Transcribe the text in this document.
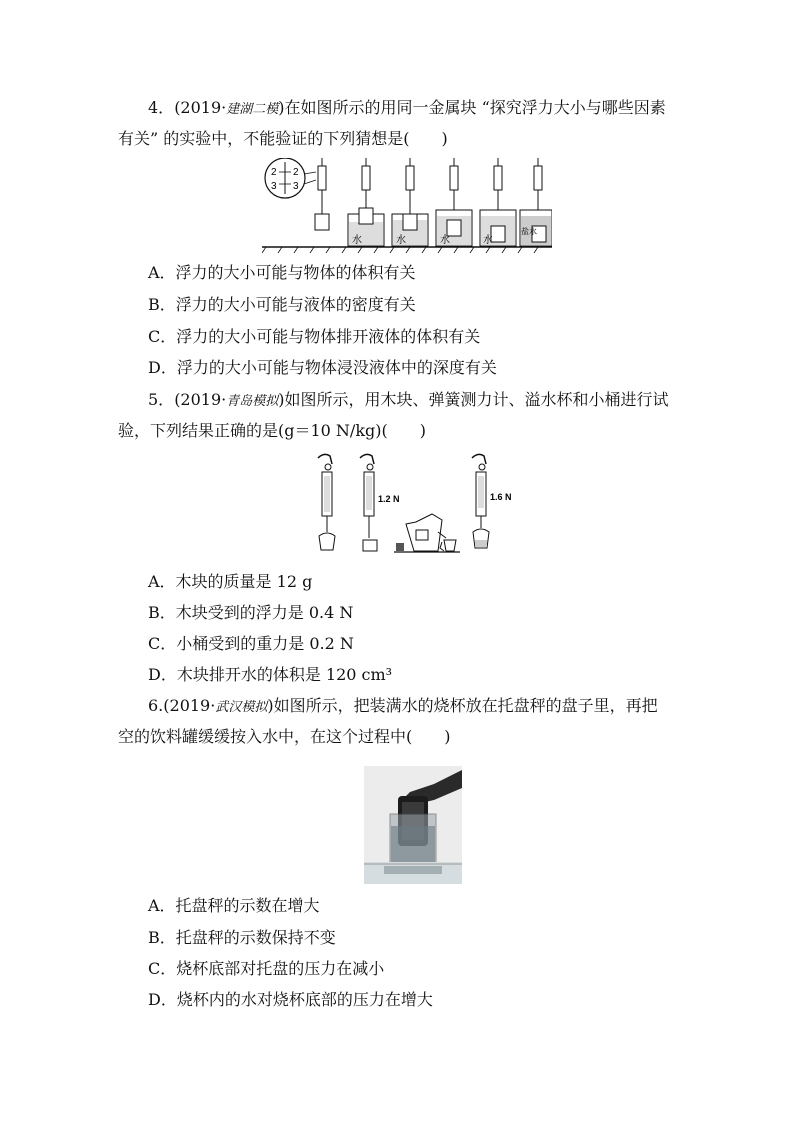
4．(2019·建湖二模)在如图所示的用同一金属块 “探究浮力大小与哪些因素
有关” 的实验中，不能验证的下列猜想是(　　)
2 2
3 3
水	水	水	水
盐水
A．浮力的大小可能与物体的体积有关
B．浮力的大小可能与液体的密度有关
C．浮力的大小可能与物体排开液体的体积有关
D．浮力的大小可能与物体浸没液体中的深度有关
5．(2019·青岛模拟)如图所示，用木块、弹簧测力计、溢水杯和小桶进行试
验，下列结果正确的是(g＝10 N/kg)(　　)
1.2 N	1.6 N
A．木块的质量是 12 g
B．木块受到的浮力是 0.4 N
C．小桶受到的重力是 0.2 N
D．木块排开水的体积是 120 cm³
6.(2019·武汉模拟)如图所示，把装满水的烧杯放在托盘秤的盘子里，再把
空的饮料罐缓缓按入水中，在这个过程中(　　)
A．托盘秤的示数在增大
B．托盘秤的示数保持不变
C．烧杯底部对托盘的压力在减小
D．烧杯内的水对烧杯底部的压力在增大
